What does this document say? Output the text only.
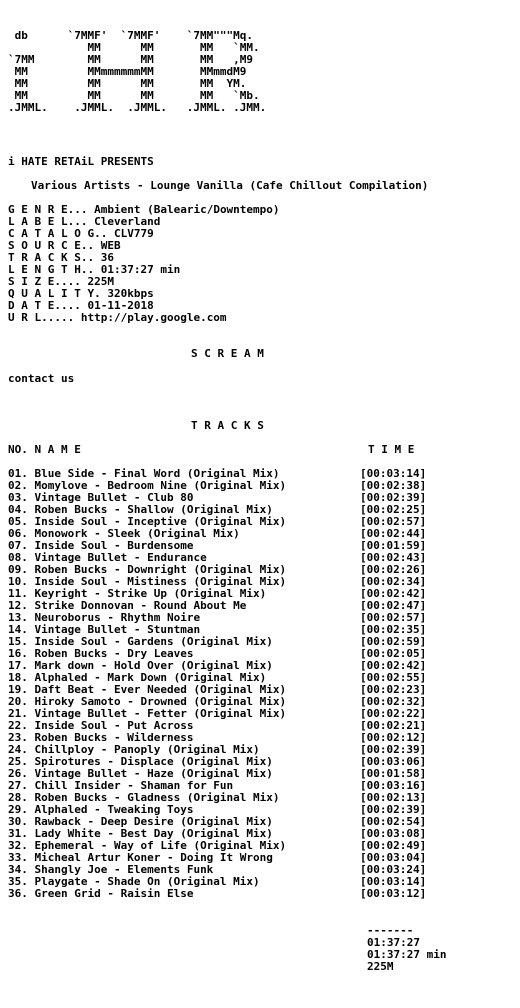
db      `7MMF'  `7MMF'    `7MM"""Mq.
MM      MM       MM   `MM.
`7MM        MM      MM       MM   ,M9
MM         MMmmmmmmMM       MMmmdM9
MM         MM      MM       MM  YM.
MM         MM      MM       MM   `Mb.
.JMML.    .JMML.  .JMML.   .JMML. .JMM.
i HATE RETAiL PRESENTS
Various Artists - Lounge Vanilla (Cafe Chillout Compilation)
G E N R E... Ambient (Balearic/Downtempo)
L A B E L... Cleverland
C A T A L O G.. CLV779
S O U R C E.. WEB
T R A C K S.. 36
L E N G T H.. 01:37:27 min
S I Z E.... 225M
Q U A L I T Y. 320kbps
D A T E.... 01-11-2018
U R L..... http://play.google.com
S C R E A M
contact us
T R A C K S
NO. N A M E	T I M E
01. Blue Side - Final Word (Original Mix)	[00:03:14]
02. Momylove - Bedroom Nine (Original Mix)	[00:02:38]
03. Vintage Bullet - Club 80	[00:02:39]
04. Roben Bucks - Shallow (Original Mix)	[00:02:25]
05. Inside Soul - Inceptive (Original Mix)	[00:02:57]
06. Monowork - Sleek (Original Mix)	[00:02:44]
07. Inside Soul - Burdensome	[00:01:59]
08. Vintage Bullet - Endurance	[00:02:43]
09. Roben Bucks - Downright (Original Mix)	[00:02:26]
10. Inside Soul - Mistiness (Original Mix)	[00:02:34]
11. Keyright - Strike Up (Original Mix)	[00:02:42]
12. Strike Donnovan - Round About Me	[00:02:47]
13. Neuroborus - Rhythm Noire	[00:02:57]
14. Vintage Bullet - Stuntman	[00:02:35]
15. Inside Soul - Gardens (Original Mix)	[00:02:59]
16. Roben Bucks - Dry Leaves	[00:02:05]
17. Mark down - Hold Over (Original Mix)	[00:02:42]
18. Alphaled - Mark Down (Original Mix)	[00:02:55]
19. Daft Beat - Ever Needed (Original Mix)	[00:02:23]
20. Hiroky Samoto - Drowned (Original Mix)	[00:02:32]
21. Vintage Bullet - Fetter (Original Mix)	[00:02:22]
22. Inside Soul - Put Across	[00:02:21]
23. Roben Bucks - Wilderness	[00:02:12]
24. Chillploy - Panoply (Original Mix)	[00:02:39]
25. Spirotures - Displace (Original Mix)	[00:03:06]
26. Vintage Bullet - Haze (Original Mix)	[00:01:58]
27. Chill Insider - Shaman for Fun	[00:03:16]
28. Roben Bucks - Gladness (Original Mix)	[00:02:13]
29. Alphaled - Tweaking Toys	[00:02:39]
30. Rawback - Deep Desire (Original Mix)	[00:02:54]
31. Lady White - Best Day (Original Mix)	[00:03:08]
32. Ephemeral - Way of Life (Original Mix)	[00:02:49]
33. Micheal Artur Koner - Doing It Wrong	[00:03:04]
34. Shangly Joe - Elements Funk	[00:03:24]
35. Playgate - Shade On (Original Mix)	[00:03:14]
36. Green Grid - Raisin Else	[00:03:12]
-------
01:37:27
01:37:27 min
225M
